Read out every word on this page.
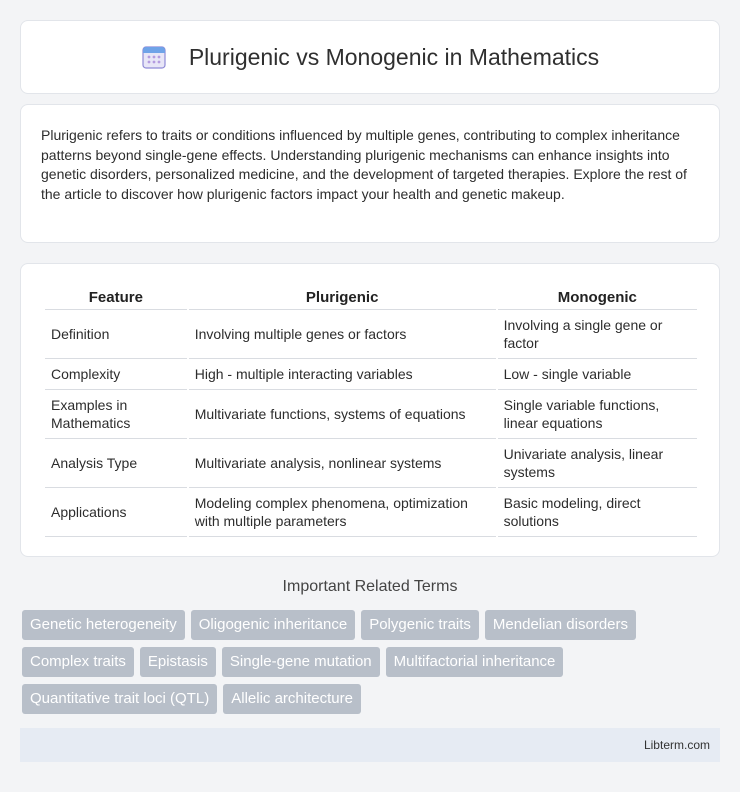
Plurigenic vs Monogenic in Mathematics

Plurigenic refers to traits or conditions influenced by multiple genes, contributing to complex inheritance patterns beyond single-gene effects. Understanding plurigenic mechanisms can enhance insights into genetic disorders, personalized medicine, and the development of targeted therapies. Explore the rest of the article to discover how plurigenic factors impact your health and genetic makeup.

Feature	Plurigenic	Monogenic
Definition	Involving multiple genes or factors	Involving a single gene or factor
Complexity	High - multiple interacting variables	Low - single variable
Examples in Mathematics	Multivariate functions, systems of equations	Single variable functions, linear equations
Analysis Type	Multivariate analysis, nonlinear systems	Univariate analysis, linear systems
Applications	Modeling complex phenomena, optimization with multiple parameters	Basic modeling, direct solutions
Important Related Terms
Genetic heterogeneity	Oligogenic inheritance	Polygenic traits	Mendelian disorders
Complex traits	Epistasis	Single-gene mutation	Multifactorial inheritance
Quantitative trait loci (QTL)	Allelic architecture
Libterm.com
